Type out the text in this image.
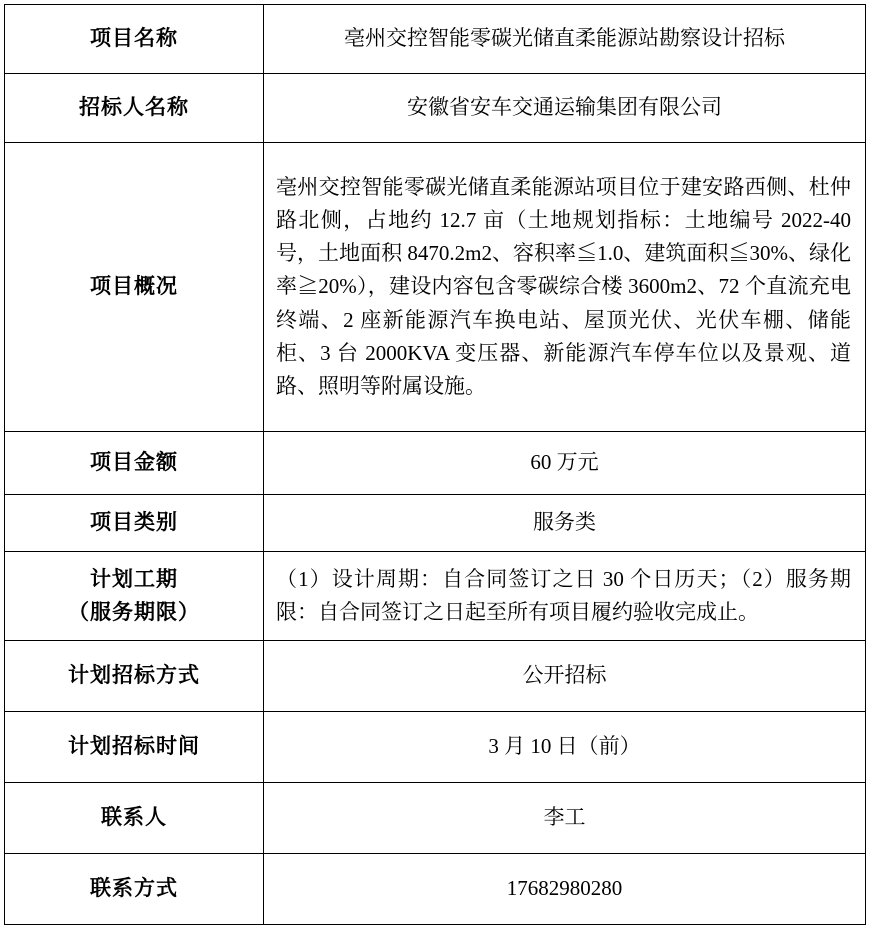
项目名称	亳州交控智能零碳光储直柔能源站勘察设计招标
招标人名称	安徽省安车交通运输集团有限公司
项目概况	亳州交控智能零碳光储直柔能源站项目位于建安路西侧、杜仲路北侧，占地约 12.7 亩（土地规划指标：土地编号 2022-40 号，土地面积 8470.2m2、容积率≦1.0、建筑面积≦30%、绿化率≧20%），建设内容包含零碳综合楼 3600m2、72 个直流充电终端、2 座新能源汽车换电站、屋顶光伏、光伏车棚、储能柜、3 台 2000KVA 变压器、新能源汽车停车位以及景观、道路、照明等附属设施。
项目金额	60 万元
项目类别	服务类

计划工期
（服务期限）	（1）设计周期：自合同签订之日 30 个日历天；（2）服务期限：自合同签订之日起至所有项目履约验收完成止。
计划招标方式	公开招标
计划招标时间	3 月 10 日（前）
联系人	李工
联系方式	17682980280
